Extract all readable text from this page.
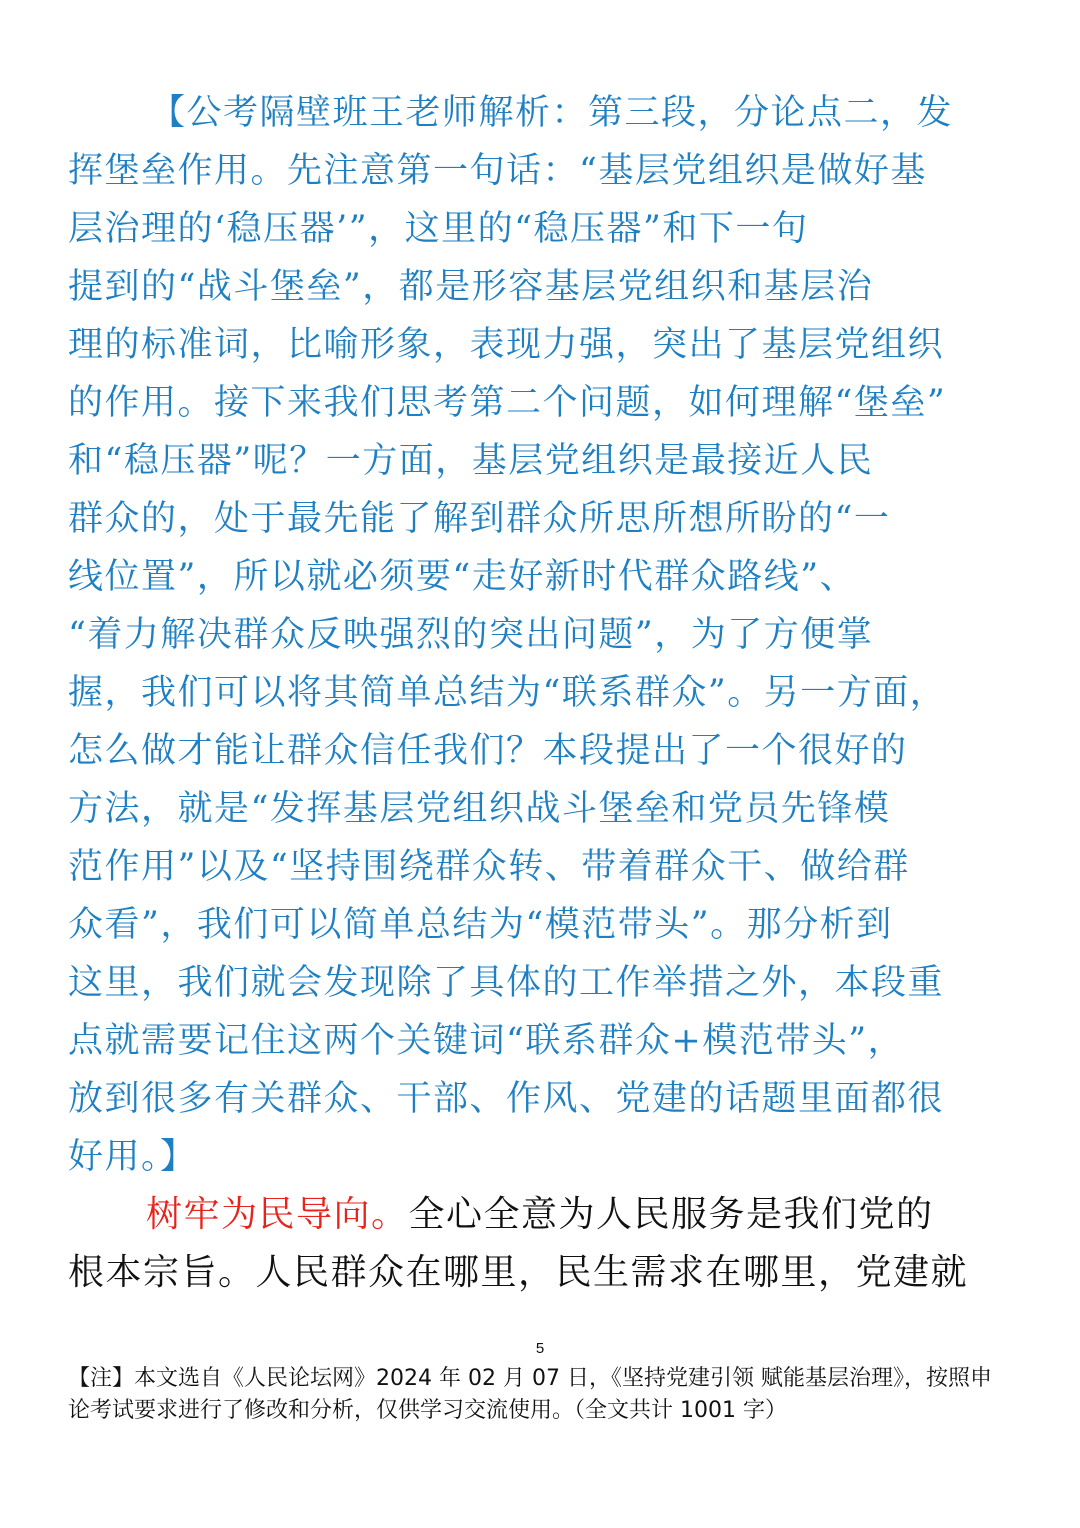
【公考隔壁班王老师解析：第三段，分论点二，发
挥堡垒作用。先注意第一句话：“基层党组织是做好基
层治理的‘稳压器’”，这里的“稳压器”和下一句
提到的“战斗堡垒”，都是形容基层党组织和基层治
理的标准词，比喻形象，表现力强，突出了基层党组织
的作用。接下来我们思考第二个问题，如何理解“堡垒”
和“稳压器”呢？一方面，基层党组织是最接近人民
群众的，处于最先能了解到群众所思所想所盼的“一
线位置”，所以就必须要“走好新时代群众路线”、
“着力解决群众反映强烈的突出问题”，为了方便掌
握，我们可以将其简单总结为“联系群众”。另一方面，
怎么做才能让群众信任我们？本段提出了一个很好的
方法，就是“发挥基层党组织战斗堡垒和党员先锋模
范作用”以及“坚持围绕群众转、带着群众干、做给群
众看”，我们可以简单总结为“模范带头”。那分析到
这里，我们就会发现除了具体的工作举措之外，本段重
点就需要记住这两个关键词“联系群众+模范带头”，
放到很多有关群众、干部、作风、党建的话题里面都很
好用。】
树牢为民导向。全心全意为人民服务是我们党的
根本宗旨。人民群众在哪里，民生需求在哪里，党建就
5
【注】本文选自《人民论坛网》2024 年 02 月 07 日，《坚持党建引领 赋能基层治理》，按照申论考试要求进行了修改和分析，仅供学习交流使用。（全文共计 1001 字）
